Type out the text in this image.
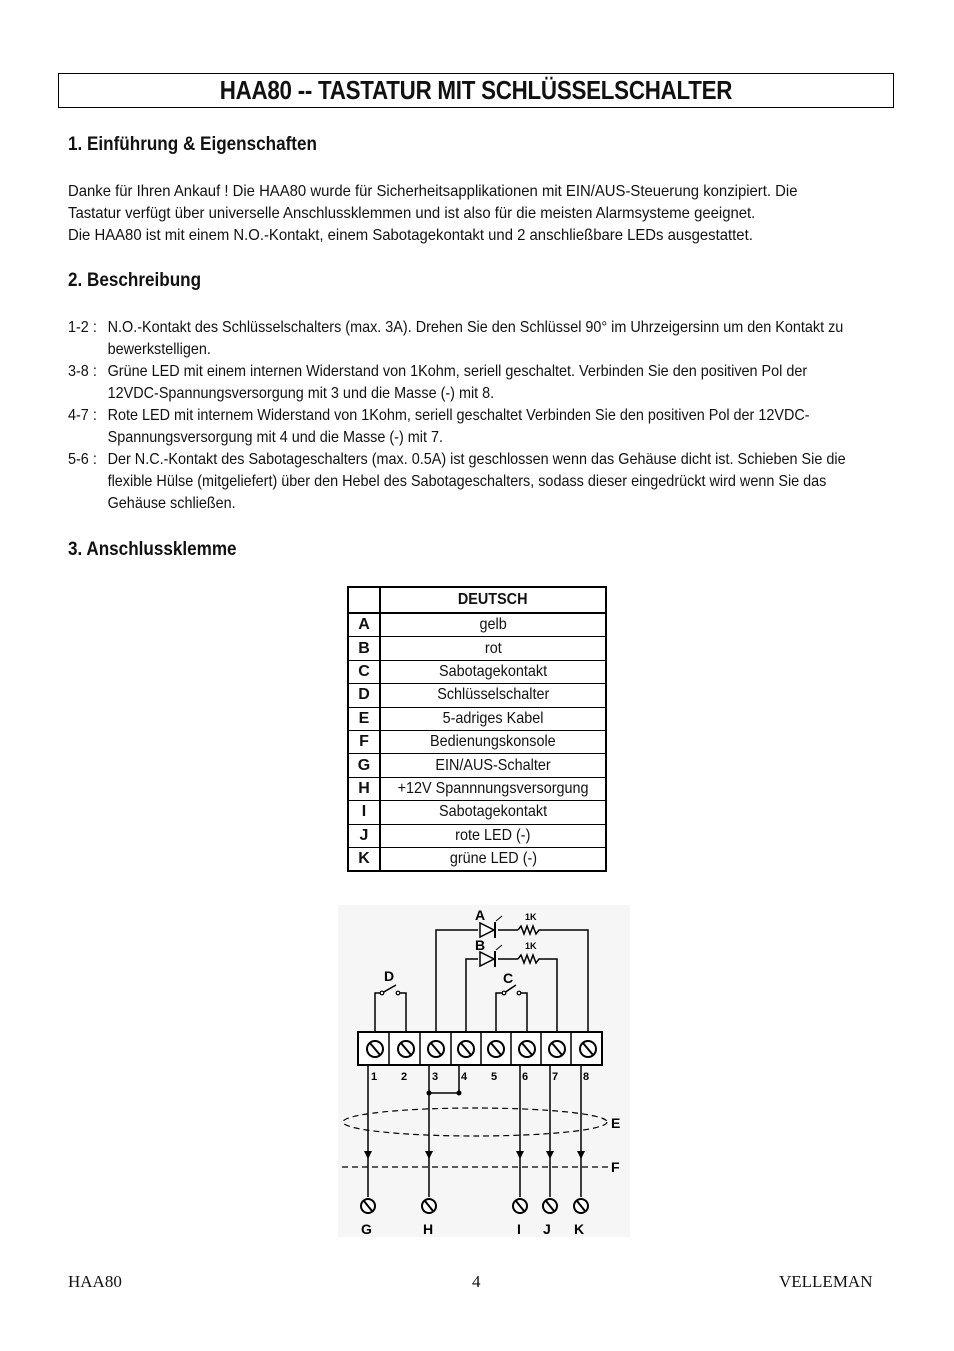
HAA80 -- TASTATUR MIT SCHLÜSSELSCHALTER
1. Einführung & Eigenschaften

Danke für Ihren Ankauf ! Die HAA80 wurde für Sicherheitsapplikationen mit EIN/AUS-Steuerung konzipiert. Die Tastatur verfügt über universelle Anschlussklemmen und ist also für die meisten Alarmsysteme geeignet.

Die HAA80 ist mit einem N.O.-Kontakt, einem Sabotagekontakt und 2 anschließbare LEDs ausgestattet.

2. Beschreibung
1-2 : N.O.-Kontakt des Schlüsselschalters (max. 3A). Drehen Sie den Schlüssel 90° im Uhrzeigersinn um den Kontakt zu bewerkstelligen.
3-8 : Grüne LED mit einem internen Widerstand von 1Kohm, seriell geschaltet. Verbinden Sie den positiven Pol der 12VDC-Spannungsversorgung mit 3 und die Masse (-) mit 8.
4-7 : Rote LED mit internem Widerstand von 1Kohm, seriell geschaltet Verbinden Sie den positiven Pol der 12VDC-Spannungsversorgung mit 4 und die Masse (-) mit 7.
5-6 : Der N.C.-Kontakt des Sabotageschalters (max. 0.5A) ist geschlossen wenn das Gehäuse dicht ist. Schieben Sie die flexible Hülse (mitgeliefert) über den Hebel des Sabotageschalters, sodass dieser eingedrückt wird wenn Sie das Gehäuse schließen.
3. Anschlussklemme
	DEUTSCH
A	gelb
B	rot
C	Sabotagekontakt
D	Schlüsselschalter
E	5-adriges Kabel
F	Bedienungskonsole
G	EIN/AUS-Schalter
H	+12V Spannnungsversorgung
I	Sabotagekontakt
J	rote LED (-)
K	grüne LED (-)
1 2 3 4 5 6 7 8
A
B
C
D
E
F
1K
1K
G	H	I J K
HAA80	4	VELLEMAN
